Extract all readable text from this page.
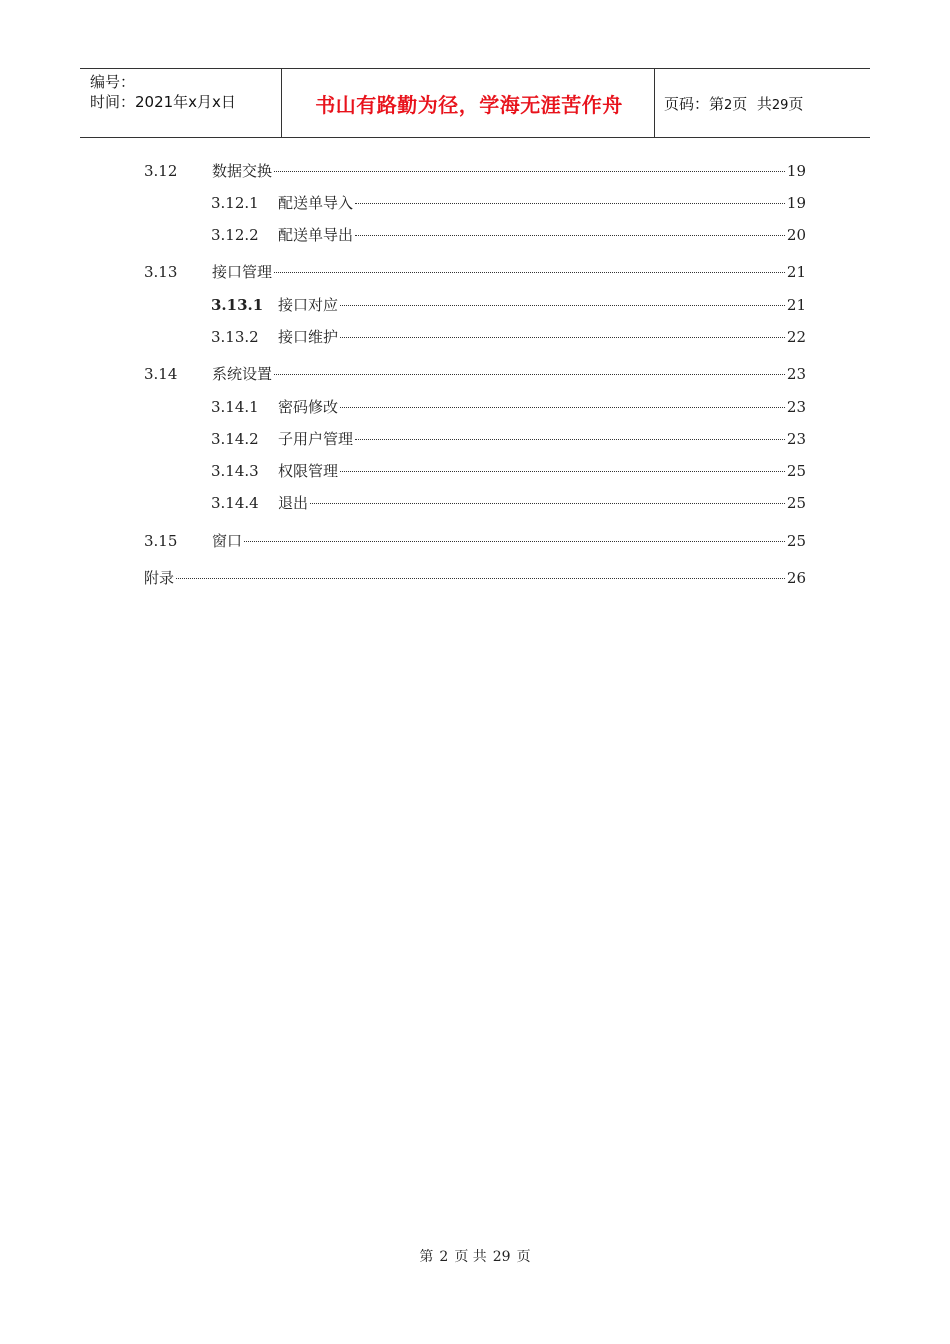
编号：
时间：2021年x月x日	书山有路勤为径，学海无涯苦作舟	页码：第2页  共29页
3.12	数据交换	19
3.12.1	配送单导入	19
3.12.2	配送单导出	20
3.13	接口管理	21
3.13.1 接口对应	21
3.13.2	接口维护	22
3.14	系统设置	23
3.14.1	密码修改	23
3.14.2	子用户管理	23
3.14.3	权限管理	25
3.14.4	退出	25
3.15	窗口	25
附录	26
第 2 页 共 29 页
